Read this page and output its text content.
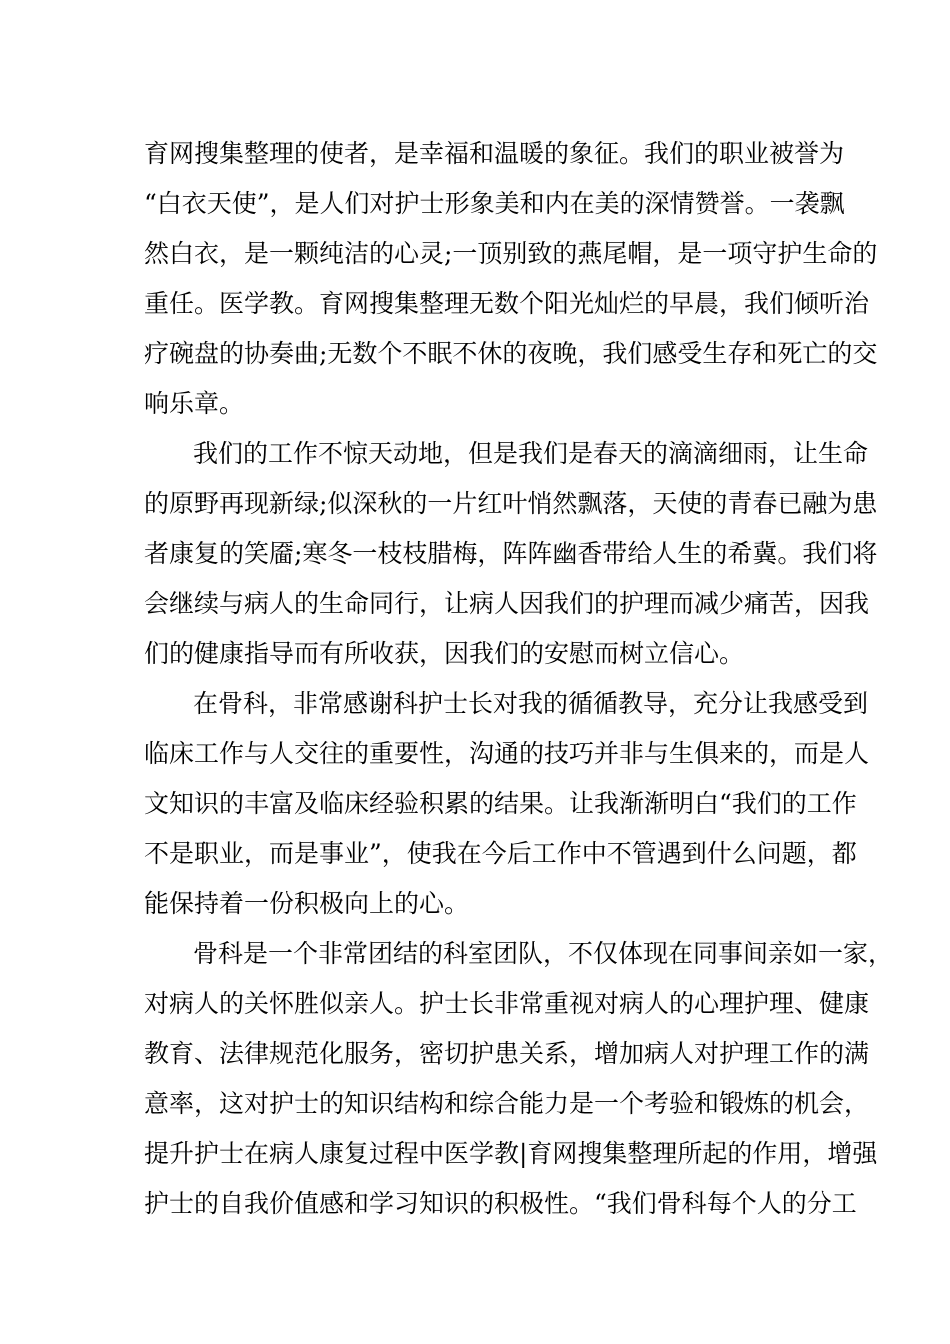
育网搜集整理的使者，是幸福和温暖的象征。我们的职业被誉为
“白衣天使”，是人们对护士形象美和内在美的深情赞誉。一袭飘
然白衣，是一颗纯洁的心灵;一顶别致的燕尾帽，是一项守护生命的
重任。医学教。育网搜集整理无数个阳光灿烂的早晨，我们倾听治
疗碗盘的协奏曲;无数个不眠不休的夜晚，我们感受生存和死亡的交
响乐章。
我们的工作不惊天动地，但是我们是春天的滴滴细雨，让生命
的原野再现新绿;似深秋的一片红叶悄然飘落，天使的青春已融为患
者康复的笑靥;寒冬一枝枝腊梅，阵阵幽香带给人生的希冀。我们将
会继续与病人的生命同行，让病人因我们的护理而减少痛苦，因我
们的健康指导而有所收获，因我们的安慰而树立信心。
在骨科，非常感谢科护士长对我的循循教导，充分让我感受到
临床工作与人交往的重要性，沟通的技巧并非与生俱来的，而是人
文知识的丰富及临床经验积累的结果。让我渐渐明白“我们的工作
不是职业，而是事业”，使我在今后工作中不管遇到什么问题，都
能保持着一份积极向上的心。
骨科是一个非常团结的科室团队，不仅体现在同事间亲如一家，
对病人的关怀胜似亲人。护士长非常重视对病人的心理护理、健康
教育、法律规范化服务，密切护患关系，增加病人对护理工作的满
意率，这对护士的知识结构和综合能力是一个考验和锻炼的机会，
提升护士在病人康复过程中医学教|育网搜集整理所起的作用，增强
护士的自我价值感和学习知识的积极性。“我们骨科每个人的分工
